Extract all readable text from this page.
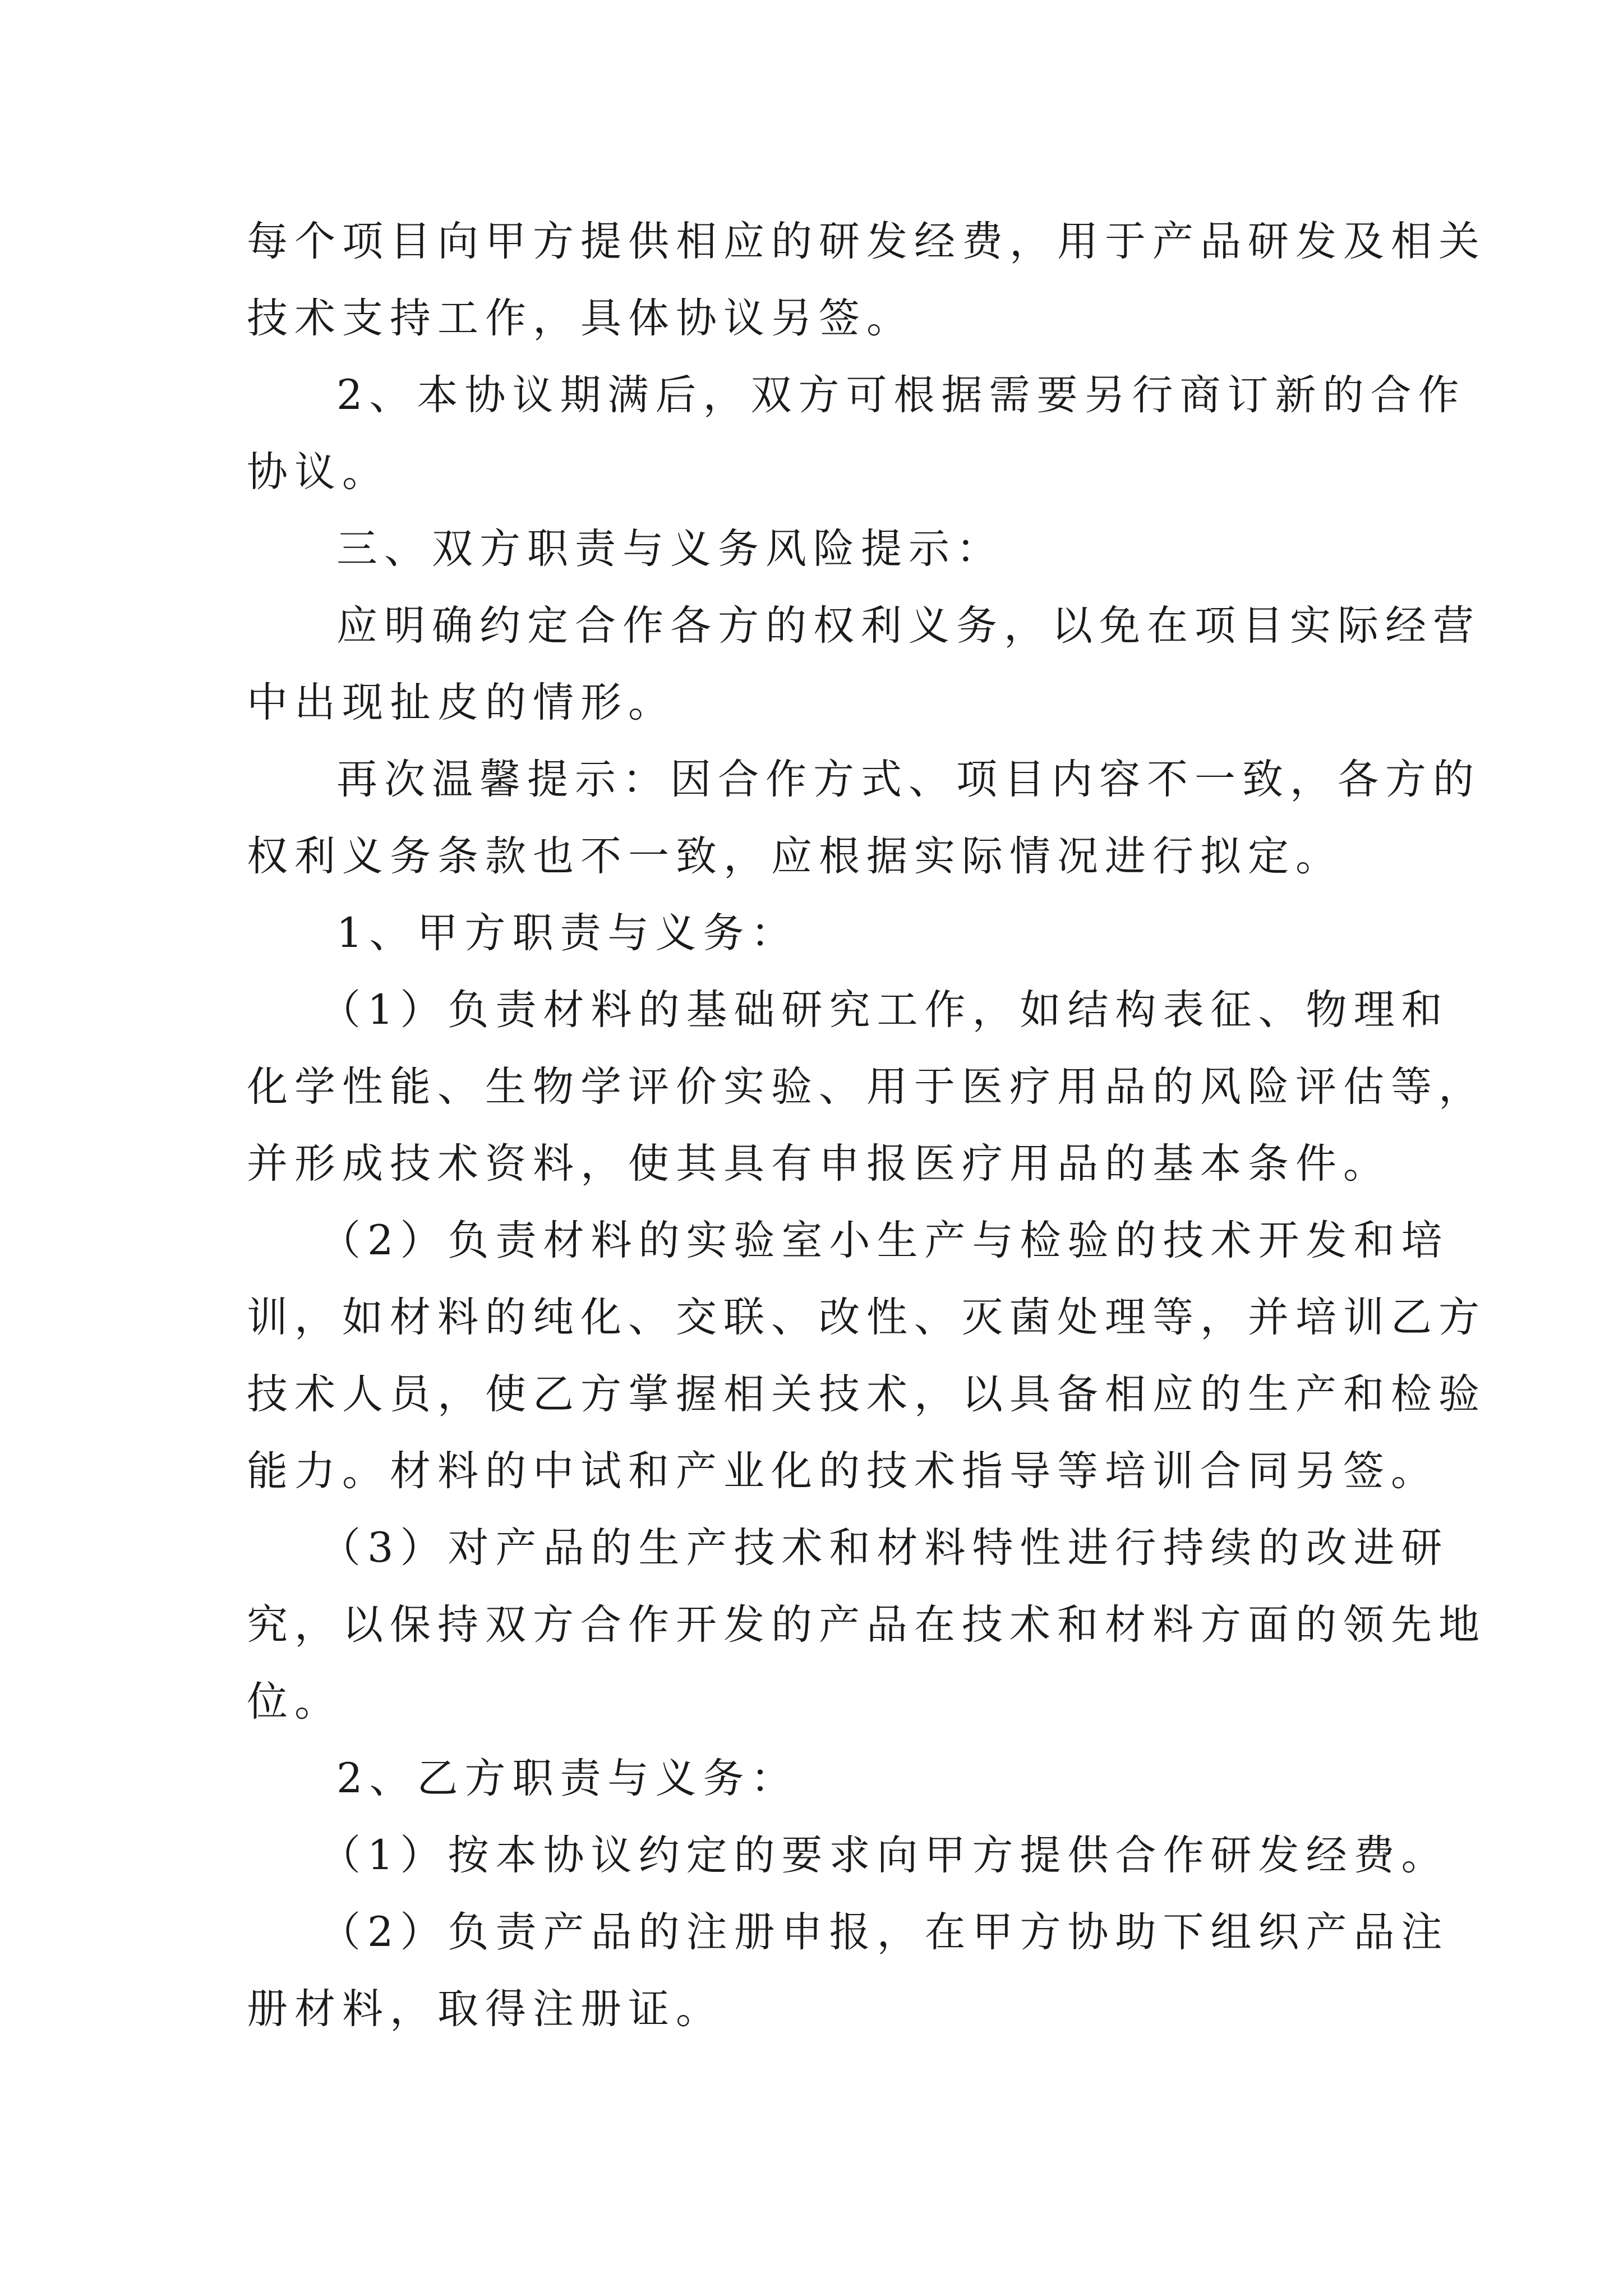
每个项目向甲方提供相应的研发经费，用于产品研发及相关

技术支持工作，具体协议另签。

2、本协议期满后，双方可根据需要另行商订新的合作

协议。

三、双方职责与义务风险提示：

应明确约定合作各方的权利义务，以免在项目实际经营

中出现扯皮的情形。

再次温馨提示：因合作方式、项目内容不一致，各方的

权利义务条款也不一致，应根据实际情况进行拟定。

1、甲方职责与义务：

（1）负责材料的基础研究工作，如结构表征、物理和

化学性能、生物学评价实验、用于医疗用品的风险评估等，

并形成技术资料，使其具有申报医疗用品的基本条件。

（2）负责材料的实验室小生产与检验的技术开发和培

训，如材料的纯化、交联、改性、灭菌处理等，并培训乙方

技术人员，使乙方掌握相关技术，以具备相应的生产和检验

能力。材料的中试和产业化的技术指导等培训合同另签。

（3）对产品的生产技术和材料特性进行持续的改进研

究，以保持双方合作开发的产品在技术和材料方面的领先地

位。

2、乙方职责与义务：

（1）按本协议约定的要求向甲方提供合作研发经费。

（2）负责产品的注册申报，在甲方协助下组织产品注

册材料，取得注册证。
